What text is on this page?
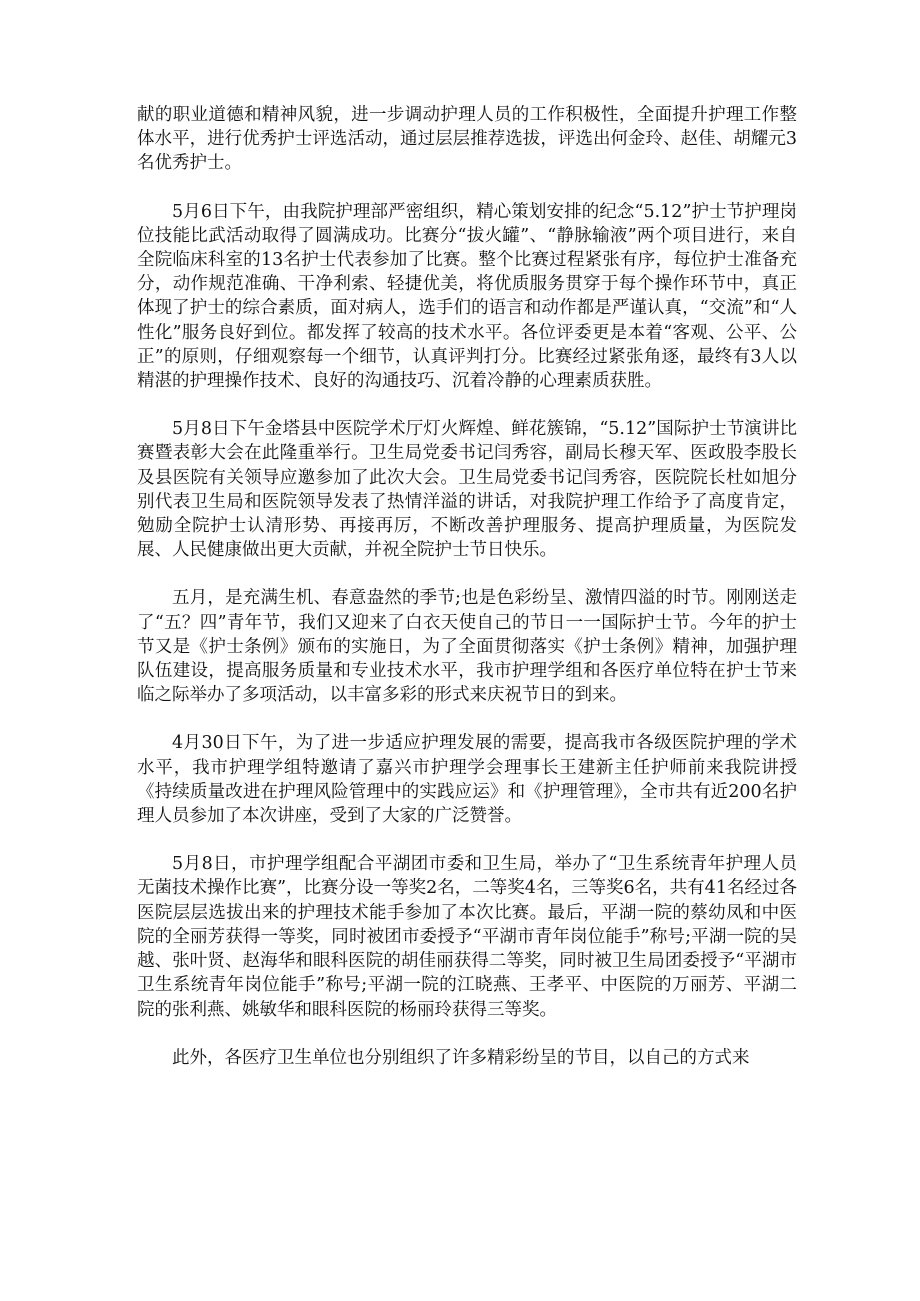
献的职业道德和精神风貌，进一步调动护理人员的工作积极性，全面提升护理工作整体水平，进行优秀护士评选活动，通过层层推荐选拔，评选出何金玲、赵佳、胡耀元3名优秀护士。

5月6日下午，由我院护理部严密组织，精心策划安排的纪念“5.12”护士节护理岗位技能比武活动取得了圆满成功。比赛分“拔火罐”、“静脉输液”两个项目进行，来自全院临床科室的13名护士代表参加了比赛。整个比赛过程紧张有序，每位护士准备充分，动作规范准确、干净利索、轻捷优美，将优质服务贯穿于每个操作环节中，真正体现了护士的综合素质，面对病人，选手们的语言和动作都是严谨认真，“交流”和“人性化”服务良好到位。都发挥了较高的技术水平。各位评委更是本着“客观、公平、公正”的原则，仔细观察每一个细节，认真评判打分。比赛经过紧张角逐，最终有3人以精湛的护理操作技术、良好的沟通技巧、沉着冷静的心理素质获胜。

5月8日下午金塔县中医院学术厅灯火辉煌、鲜花簇锦，“5.12”国际护士节演讲比赛暨表彰大会在此隆重举行。卫生局党委书记闫秀容，副局长穆天军、医政股李股长及县医院有关领导应邀参加了此次大会。卫生局党委书记闫秀容，医院院长杜如旭分别代表卫生局和医院领导发表了热情洋溢的讲话，对我院护理工作给予了高度肯定，勉励全院护士认清形势、再接再厉，不断改善护理服务、提高护理质量，为医院发展、人民健康做出更大贡献，并祝全院护士节日快乐。

五月，是充满生机、春意盎然的季节;也是色彩纷呈、激情四溢的时节。刚刚送走了“五？四”青年节，我们又迎来了白衣天使自己的节日一一国际护士节。今年的护士节又是《护士条例》颁布的实施日，为了全面贯彻落实《护士条例》精神，加强护理队伍建设，提高服务质量和专业技术水平，我市护理学组和各医疗单位特在护士节来临之际举办了多项活动，以丰富多彩的形式来庆祝节日的到来。

4月30日下午，为了进一步适应护理发展的需要，提高我市各级医院护理的学术水平，我市护理学组特邀请了嘉兴市护理学会理事长王建新主任护师前来我院讲授《持续质量改进在护理风险管理中的实践应运》和《护理管理》，全市共有近200名护理人员参加了本次讲座，受到了大家的广泛赞誉。

5月8日，市护理学组配合平湖团市委和卫生局，举办了“卫生系统青年护理人员无菌技术操作比赛”，比赛分设一等奖2名，二等奖4名，三等奖6名，共有41名经过各医院层层选拔出来的护理技术能手参加了本次比赛。最后，平湖一院的蔡幼凤和中医院的全丽芳获得一等奖，同时被团市委授予“平湖市青年岗位能手”称号;平湖一院的吴越、张叶贤、赵海华和眼科医院的胡佳丽获得二等奖，同时被卫生局团委授予“平湖市卫生系统青年岗位能手”称号;平湖一院的江晓燕、王孝平、中医院的万丽芳、平湖二院的张利燕、姚敏华和眼科医院的杨丽玲获得三等奖。

此外，各医疗卫生单位也分别组织了许多精彩纷呈的节目，以自己的方式来
